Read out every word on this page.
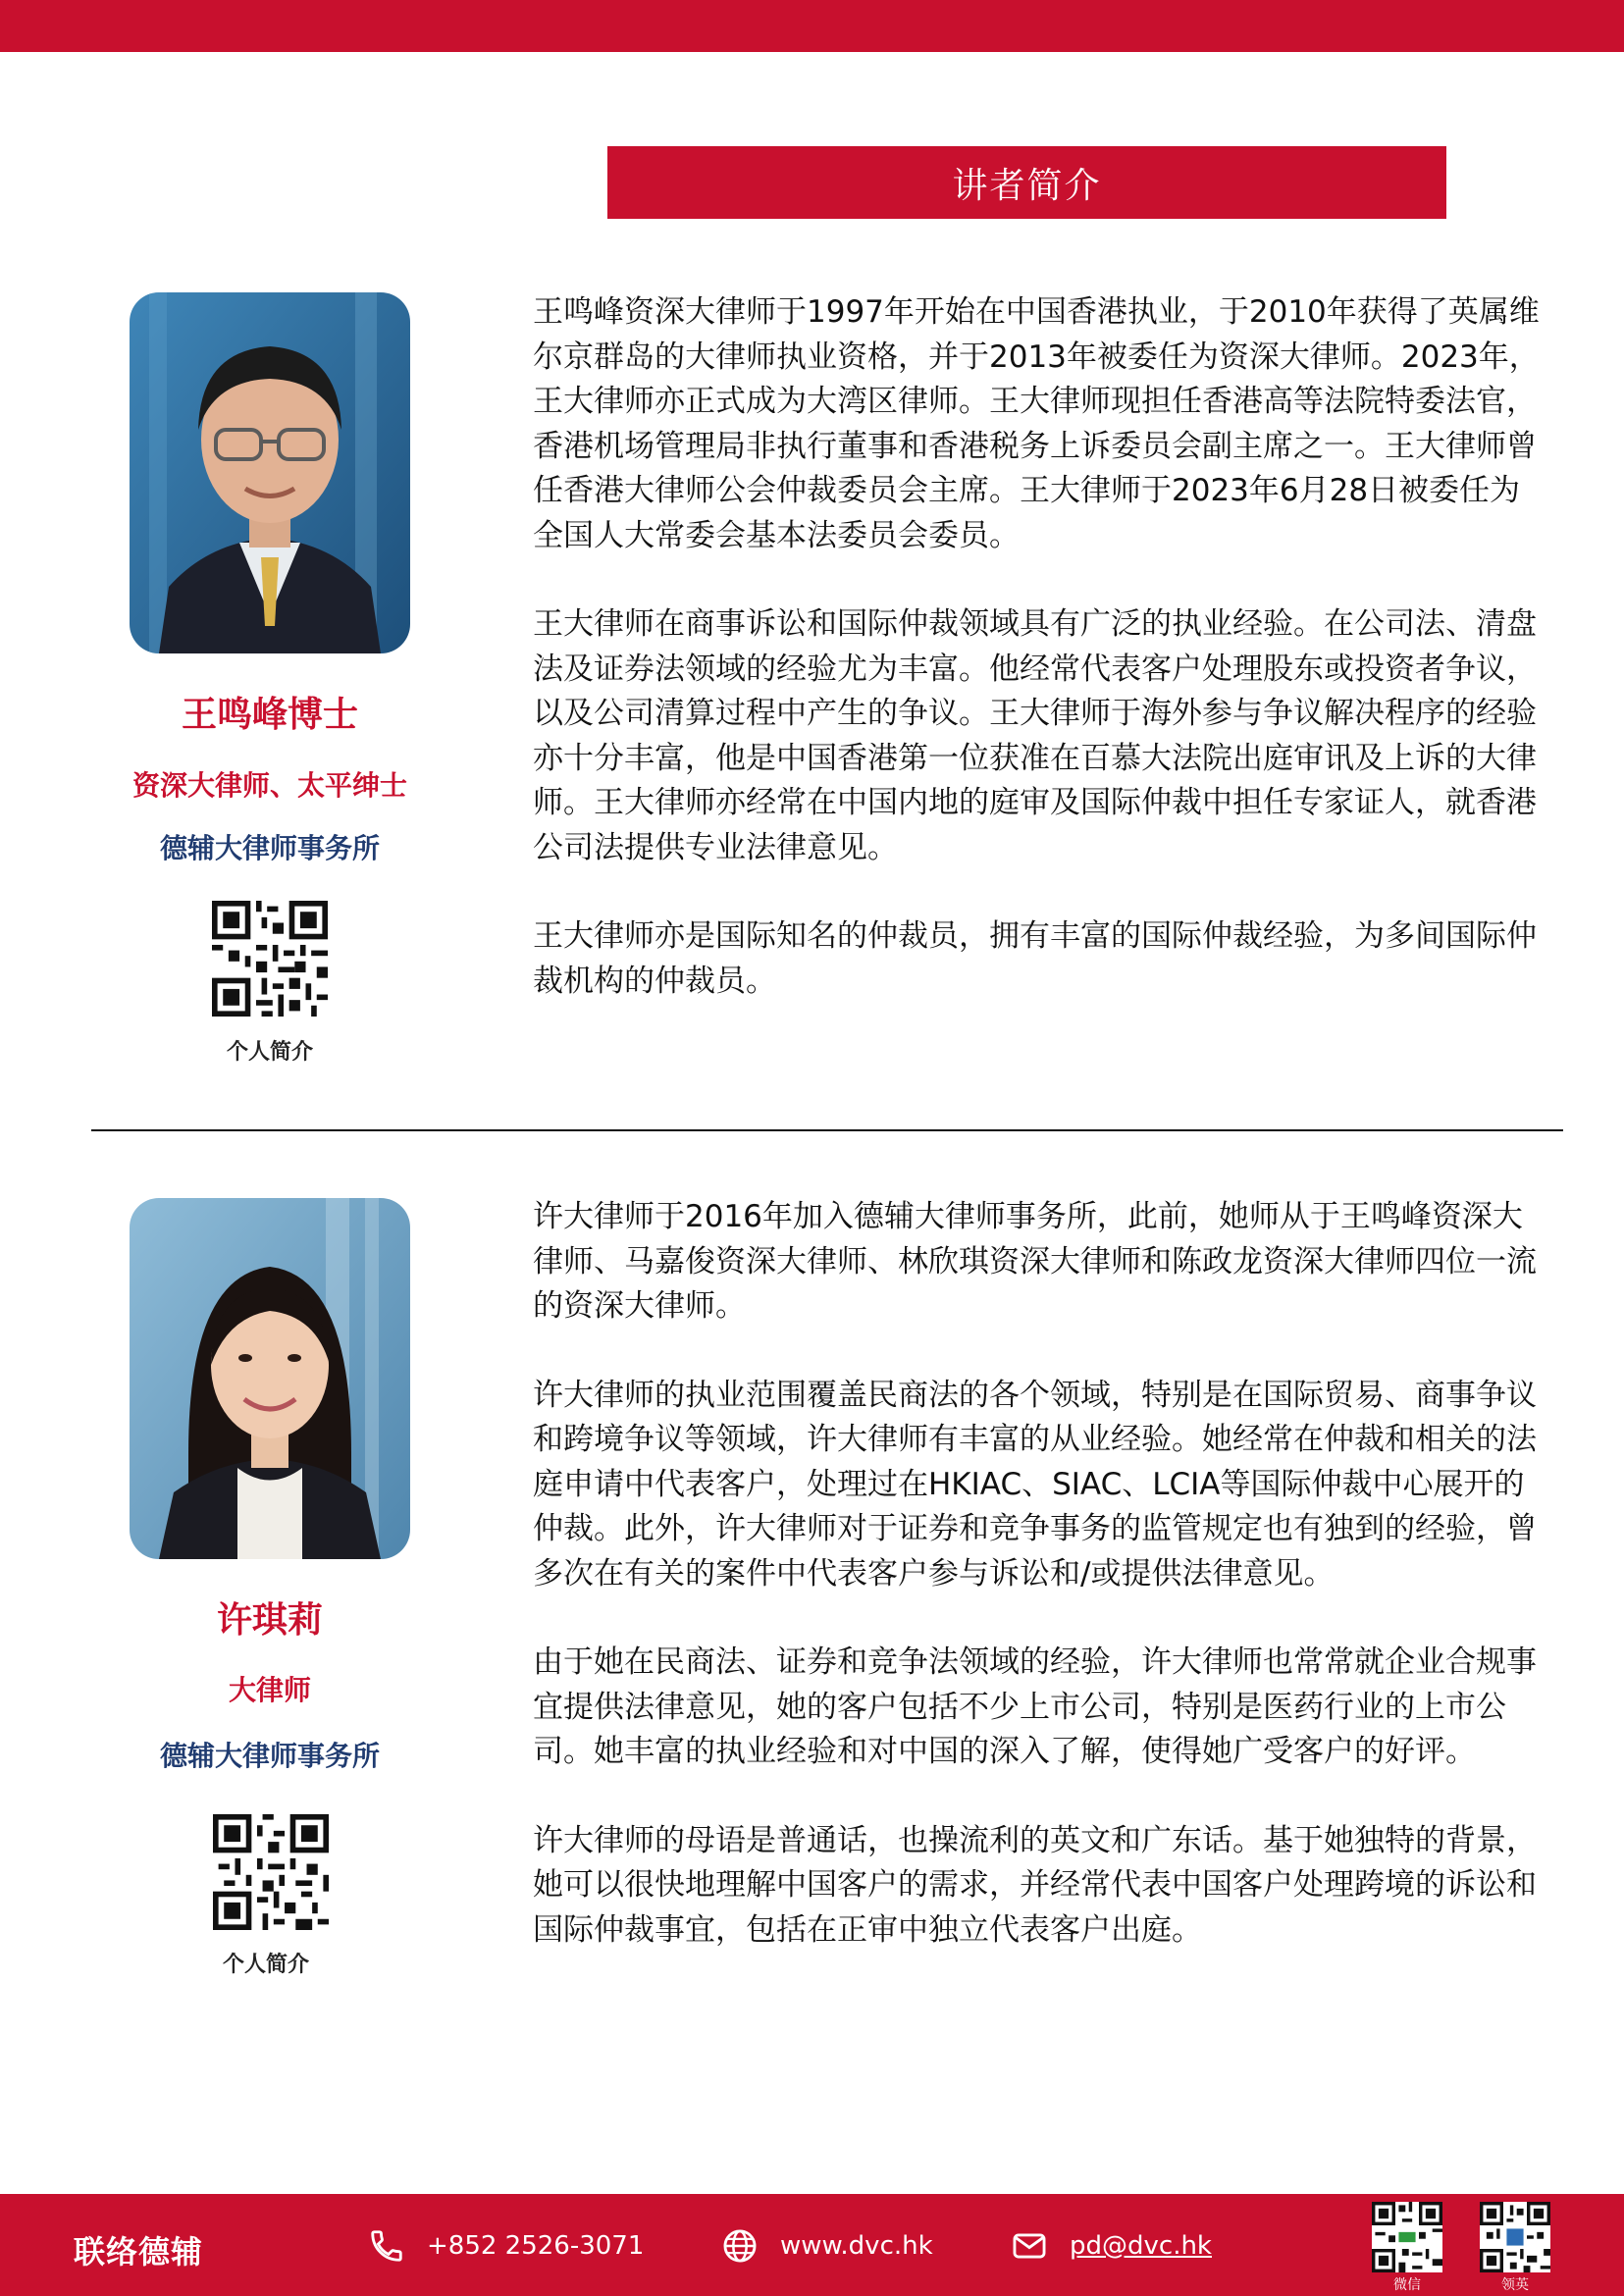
讲者简介
王鸣峰博士
资深大律师、太平绅士
德辅大律师事务所
个人简介

王鸣峰资深大律师于1997年开始在中国香港执业，于2010年获得了英属维尔京群岛的大律师执业资格，并于2013年被委任为资深大律师。2023年，王大律师亦正式成为大湾区律师。王大律师现担任香港高等法院特委法官，香港机场管理局非执行董事和香港税务上诉委员会副主席之一。王大律师曾任香港大律师公会仲裁委员会主席。王大律师于2023年6月28日被委任为全国人大常委会基本法委员会委员。

王大律师在商事诉讼和国际仲裁领域具有广泛的执业经验。在公司法、清盘法及证券法领域的经验尤为丰富。他经常代表客户处理股东或投资者争议，以及公司清算过程中产生的争议。王大律师于海外参与争议解决程序的经验亦十分丰富，他是中国香港第一位获准在百慕大法院出庭审讯及上诉的大律师。王大律师亦经常在中国内地的庭审及国际仲裁中担任专家证人，就香港公司法提供专业法律意见。

王大律师亦是国际知名的仲裁员，拥有丰富的国际仲裁经验，为多间国际仲裁机构的仲裁员。

许琪莉
大律师
德辅大律师事务所
个人简介

许大律师于2016年加入德辅大律师事务所，此前，她师从于王鸣峰资深大律师、马嘉俊资深大律师、林欣琪资深大律师和陈政龙资深大律师四位一流的资深大律师。

许大律师的执业范围覆盖民商法的各个领域，特别是在国际贸易、商事争议和跨境争议等领域，许大律师有丰富的从业经验。她经常在仲裁和相关的法庭申请中代表客户，处理过在HKIAC、SIAC、LCIA等国际仲裁中心展开的仲裁。此外，许大律师对于证券和竞争事务的监管规定也有独到的经验，曾多次在有关的案件中代表客户参与诉讼和/或提供法律意见。

由于她在民商法、证券和竞争法领域的经验，许大律师也常常就企业合规事宜提供法律意见，她的客户包括不少上市公司，特别是医药行业的上市公司。她丰富的执业经验和对中国的深入了解，使得她广受客户的好评。

许大律师的母语是普通话，也操流利的英文和广东话。基于她独特的背景，她可以很快地理解中国客户的需求，并经常代表中国客户处理跨境的诉讼和国际仲裁事宜，包括在正审中独立代表客户出庭。

联络德辅	+852 2526-3071	www.dvc.hk	pd@dvc.hk
微信	领英
